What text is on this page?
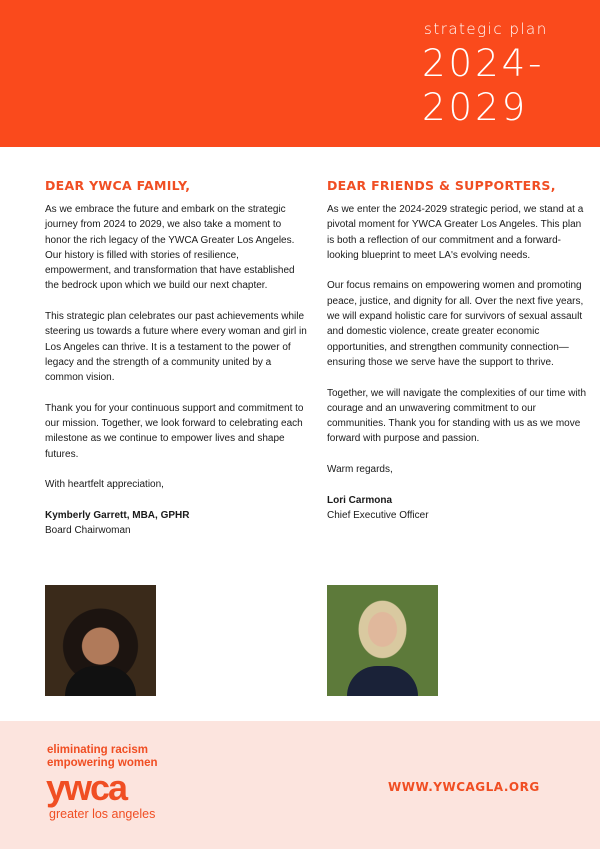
strategic plan
2024-
2029
DEAR YWCA FAMILY,

As we embrace the future and embark on the strategic journey from 2024 to 2029, we also take a moment to honor the rich legacy of the YWCA Greater Los Angeles. Our history is filled with stories of resilience, empowerment, and transformation that have established the bedrock upon which we build our next chapter.

This strategic plan celebrates our past achievements while steering us towards a future where every woman and girl in Los Angeles can thrive. It is a testament to the power of legacy and the strength of a community united by a common vision.

Thank you for your continuous support and commitment to our mission. Together, we look forward to celebrating each milestone as we continue to empower lives and shape futures.

With heartfelt appreciation,

Kymberly Garrett, MBA, GPHR
Board Chairwoman
DEAR FRIENDS & SUPPORTERS,

As we enter the 2024-2029 strategic period, we stand at a pivotal moment for YWCA Greater Los Angeles. This plan is both a reflection of our commitment and a forward-looking blueprint to meet LA's evolving needs.

Our focus remains on empowering women and promoting peace, justice, and dignity for all. Over the next five years, we will expand holistic care for survivors of sexual assault and domestic violence, create greater economic opportunities, and strengthen community connection—ensuring those we serve have the support to thrive.

Together, we will navigate the complexities of our time with courage and an unwavering commitment to our communities. Thank you for standing with us as we move forward with purpose and passion.

Warm regards,

Lori Carmona
Chief Executive Officer
eliminating racism
empowering women
ywca
greater los angeles
WWW.YWCAGLA.ORG
